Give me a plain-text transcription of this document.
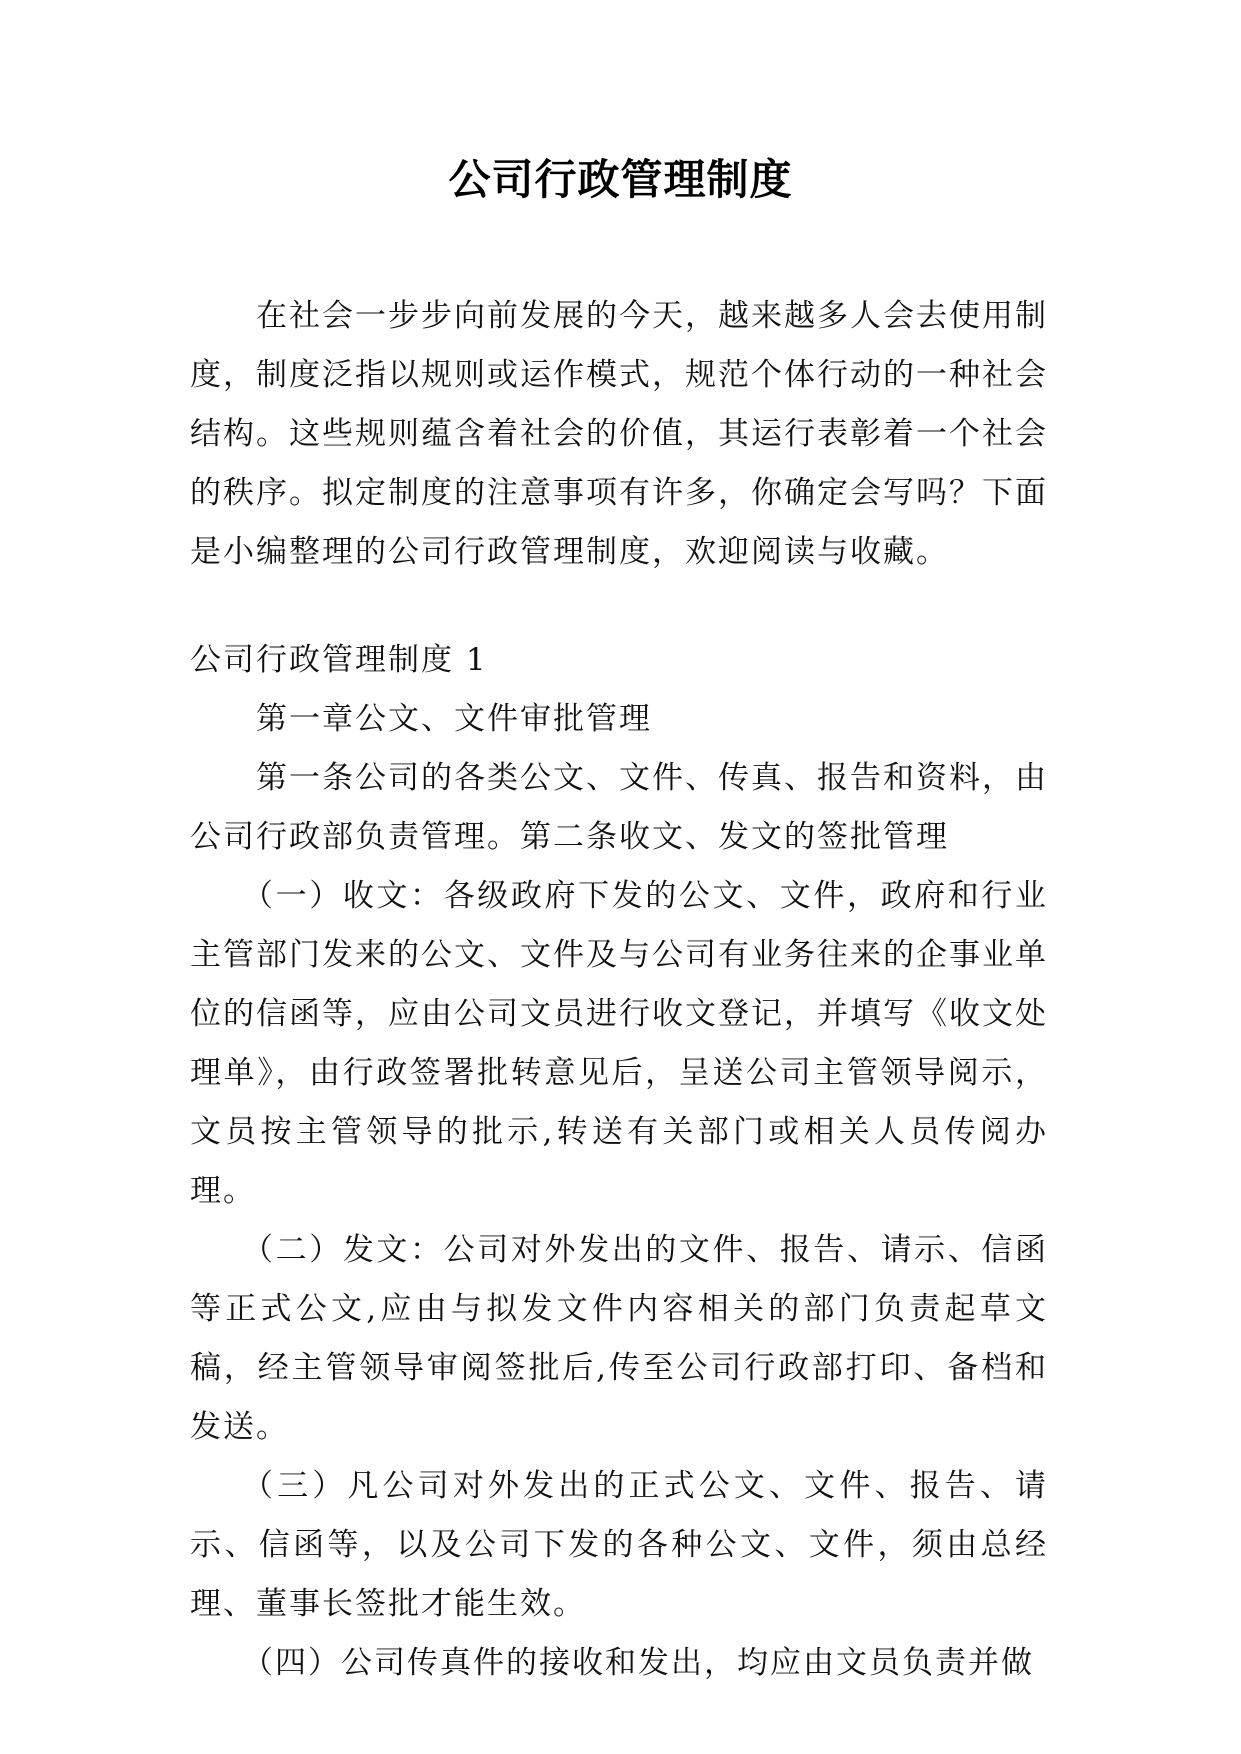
公司行政管理制度

在社会一步步向前发展的今天，越来越多人会去使用制度，制度泛指以规则或运作模式，规范个体行动的一种社会结构。这些规则蕴含着社会的价值，其运行表彰着一个社会的秩序。拟定制度的注意事项有许多，你确定会写吗？下面是小编整理的公司行政管理制度，欢迎阅读与收藏。

公司行政管理制度 1

第一章公文、文件审批管理

第一条公司的各类公文、文件、传真、报告和资料，由公司行政部负责管理。第二条收文、发文的签批管理

（一）收文：各级政府下发的公文、文件，政府和行业主管部门发来的公文、文件及与公司有业务往来的企事业单位的信函等，应由公司文员进行收文登记，并填写《收文处理单》，由行政签署批转意见后，呈送公司主管领导阅示，文员按主管领导的批示,转送有关部门或相关人员传阅办理。

（二）发文：公司对外发出的文件、报告、请示、信函等正式公文,应由与拟发文件内容相关的部门负责起草文稿，经主管领导审阅签批后,传至公司行政部打印、备档和发送。

（三）凡公司对外发出的正式公文、文件、报告、请示、信函等，以及公司下发的各种公文、文件，须由总经理、董事长签批才能生效。

（四）公司传真件的接收和发出，均应由文员负责并做
